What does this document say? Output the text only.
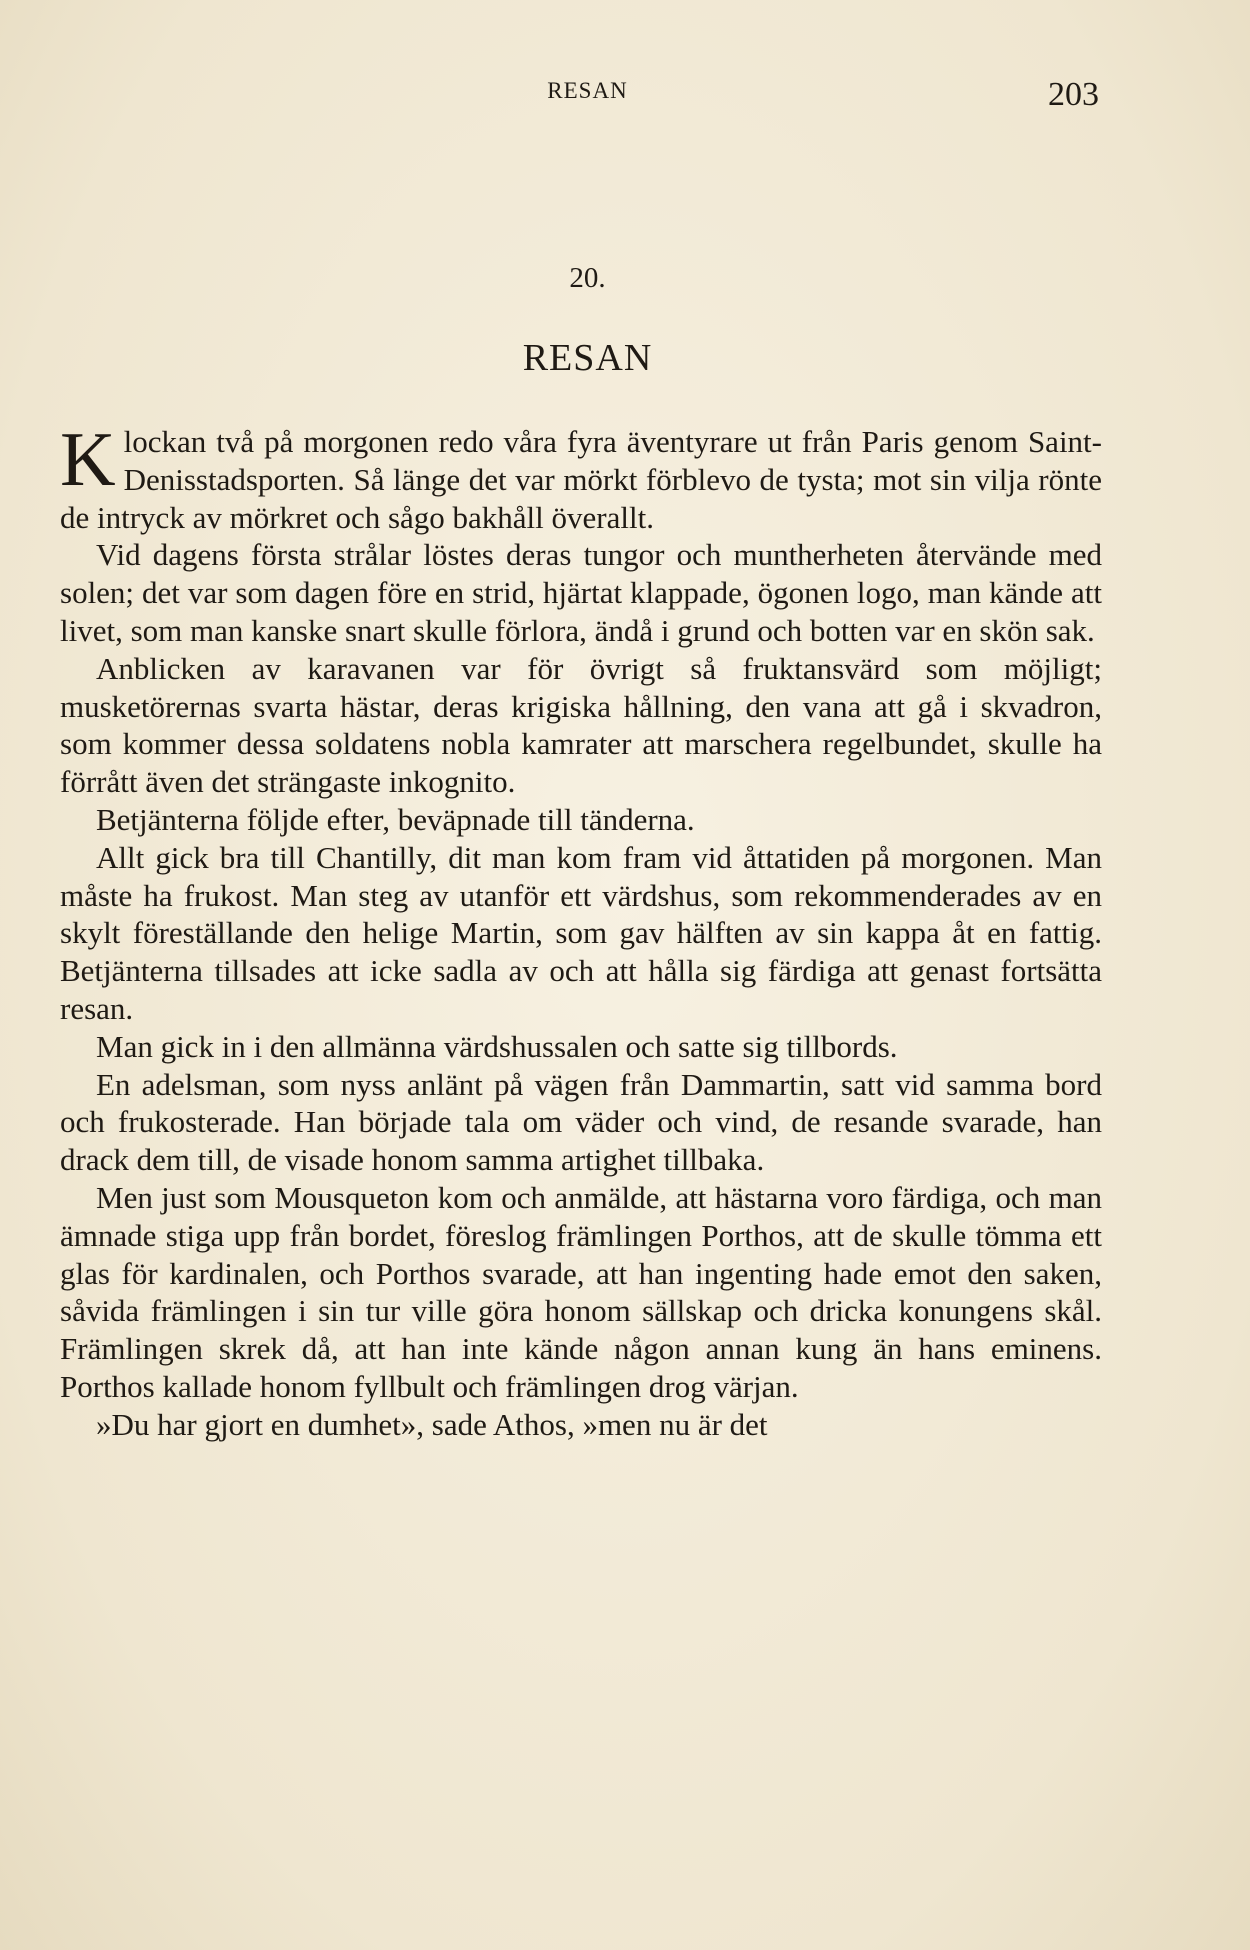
RESAN	203
20.
RESAN

Klockan två på morgonen redo våra fyra äventyrare ut från Paris genom Saint-Denisstadsporten. Så länge det var mörkt förblevo de tysta; mot sin vilja rönte de intryck av mörkret och sågo bakhåll överallt.

Vid dagens första strålar löstes deras tungor och muntherheten återvände med solen; det var som dagen före en strid, hjärtat klappade, ögonen logo, man kände att livet, som man kanske snart skulle förlora, ändå i grund och botten var en skön sak.

Anblicken av karavanen var för övrigt så fruktansvärd som möjligt; musketörernas svarta hästar, deras krigiska hållning, den vana att gå i skvadron, som kommer dessa soldatens nobla kamrater att marschera regelbundet, skulle ha förrått även det strängaste inkognito.

Betjänterna följde efter, beväpnade till tänderna.

Allt gick bra till Chantilly, dit man kom fram vid åttatiden på morgonen. Man måste ha frukost. Man steg av utanför ett värdshus, som rekommenderades av en skylt föreställande den helige Martin, som gav hälften av sin kappa åt en fattig. Betjänterna tillsades att icke sadla av och att hålla sig färdiga att genast fortsätta resan.

Man gick in i den allmänna värdshussalen och satte sig tillbords.

En adelsman, som nyss anlänt på vägen från Dammartin, satt vid samma bord och frukosterade. Han började tala om väder och vind, de resande svarade, han drack dem till, de visade honom samma artighet tillbaka.

Men just som Mousqueton kom och anmälde, att hästarna voro färdiga, och man ämnade stiga upp från bordet, föreslog främlingen Porthos, att de skulle tömma ett glas för kardinalen, och Porthos svarade, att han ingenting hade emot den saken, såvida främlingen i sin tur ville göra honom sällskap och dricka konungens skål. Främlingen skrek då, att han inte kände någon annan kung än hans eminens. Porthos kallade honom fyllbult och främlingen drog värjan.

»Du har gjort en dumhet», sade Athos, »men nu är det
